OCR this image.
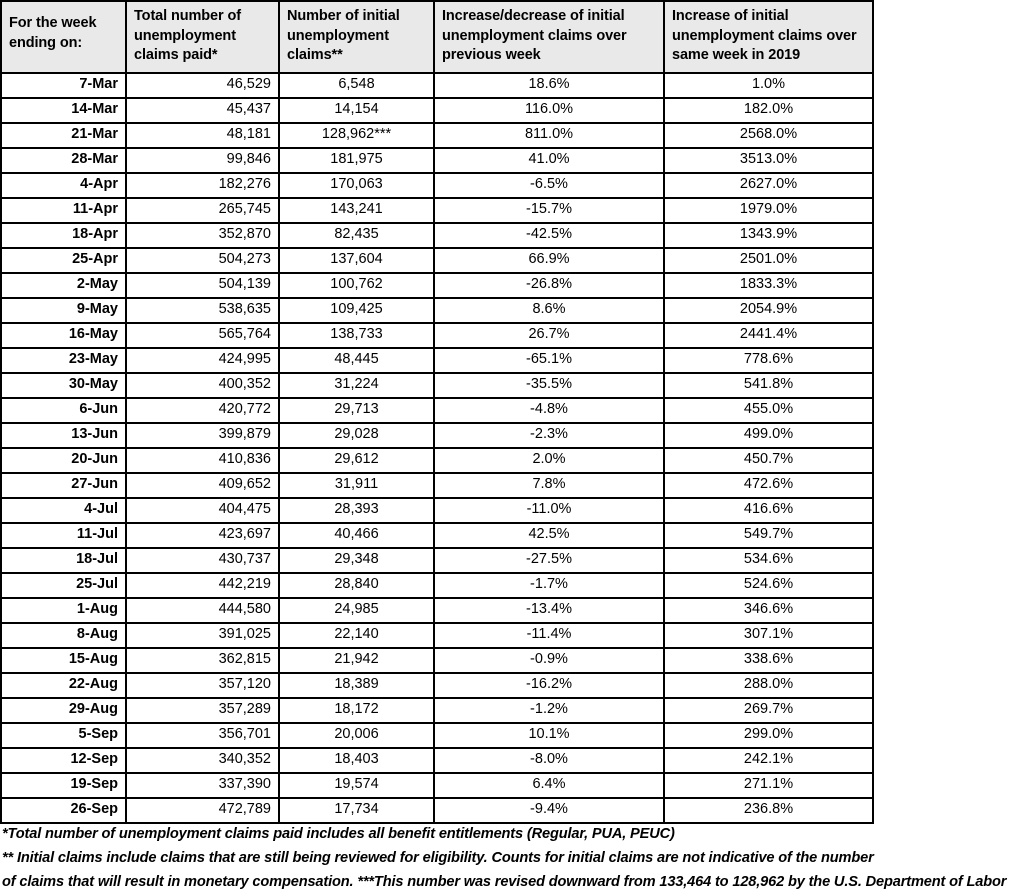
For the week ending on:	Total number of unemployment claims paid*	Number of initial unemployment claims**	Increase/decrease of initial unemployment claims over previous week	Increase of initial unemployment claims over same week in 2019
7-Mar	46,529	6,548	18.6%	1.0%
14-Mar	45,437	14,154	116.0%	182.0%
21-Mar	48,181	128,962***	811.0%	2568.0%
28-Mar	99,846	181,975	41.0%	3513.0%
4-Apr	182,276	170,063	-6.5%	2627.0%
11-Apr	265,745	143,241	-15.7%	1979.0%
18-Apr	352,870	82,435	-42.5%	1343.9%
25-Apr	504,273	137,604	66.9%	2501.0%
2-May	504,139	100,762	-26.8%	1833.3%
9-May	538,635	109,425	8.6%	2054.9%
16-May	565,764	138,733	26.7%	2441.4%
23-May	424,995	48,445	-65.1%	778.6%
30-May	400,352	31,224	-35.5%	541.8%
6-Jun	420,772	29,713	-4.8%	455.0%
13-Jun	399,879	29,028	-2.3%	499.0%
20-Jun	410,836	29,612	2.0%	450.7%
27-Jun	409,652	31,911	7.8%	472.6%
4-Jul	404,475	28,393	-11.0%	416.6%
11-Jul	423,697	40,466	42.5%	549.7%
18-Jul	430,737	29,348	-27.5%	534.6%
25-Jul	442,219	28,840	-1.7%	524.6%
1-Aug	444,580	24,985	-13.4%	346.6%
8-Aug	391,025	22,140	-11.4%	307.1%
15-Aug	362,815	21,942	-0.9%	338.6%
22-Aug	357,120	18,389	-16.2%	288.0%
29-Aug	357,289	18,172	-1.2%	269.7%
5-Sep	356,701	20,006	10.1%	299.0%
12-Sep	340,352	18,403	-8.0%	242.1%
19-Sep	337,390	19,574	6.4%	271.1%
26-Sep	472,789	17,734	-9.4%	236.8%
*Total number of unemployment claims paid includes all benefit entitlements (Regular, PUA, PEUC)
** Initial claims include claims that are still being reviewed for eligibility. Counts for initial claims are not indicative of the number
of claims that will result in monetary compensation. ***This number was revised downward from 133,464 to 128,962 by the U.S. Department of Labor
